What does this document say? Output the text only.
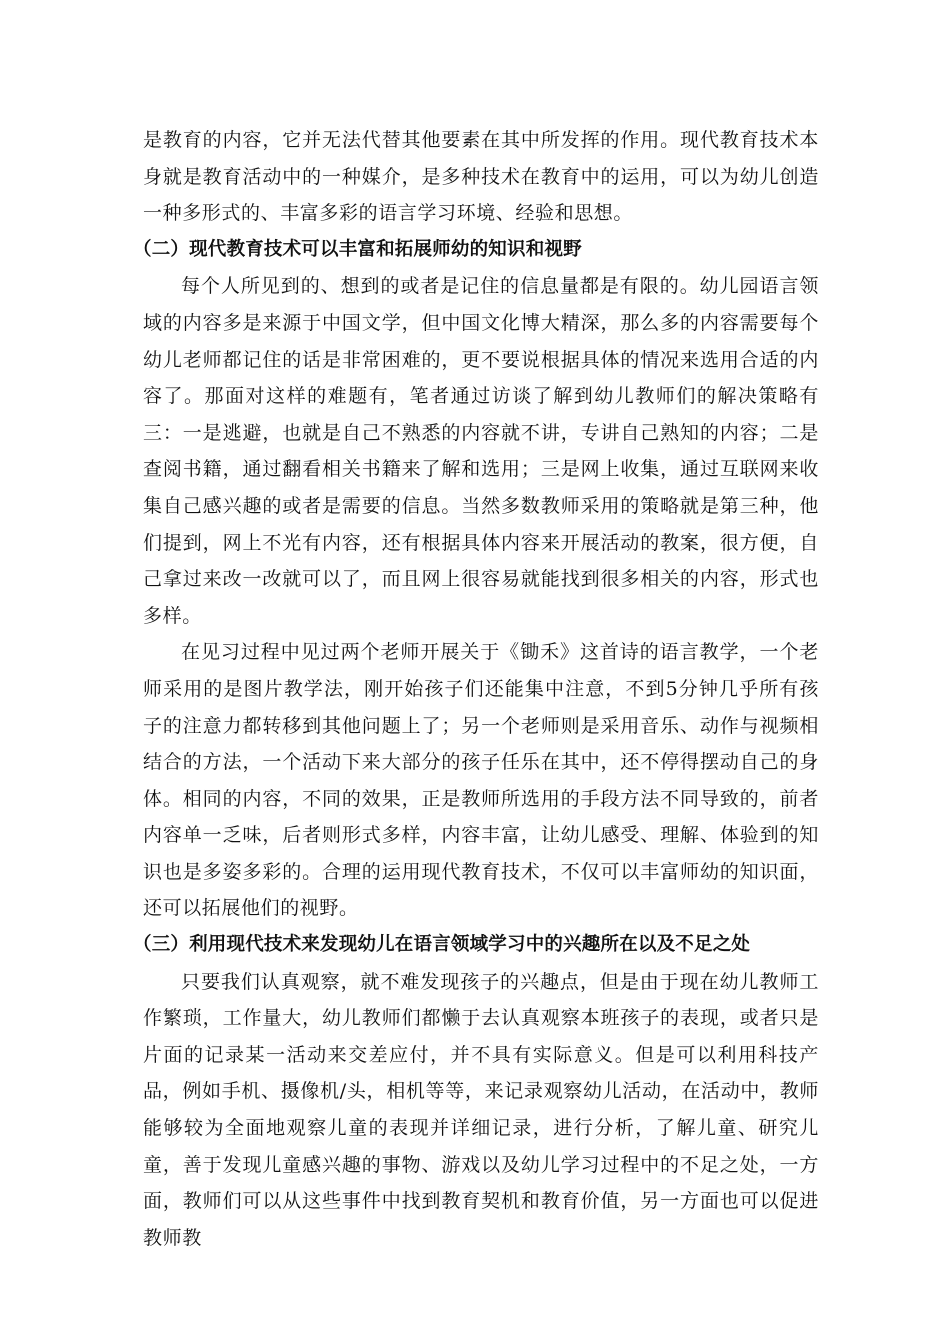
是教育的内容，它并无法代替其他要素在其中所发挥的作用。现代教育技术本身就是教育活动中的一种媒介，是多种技术在教育中的运用，可以为幼儿创造一种多形式的、丰富多彩的语言学习环境、经验和思想。

（二）现代教育技术可以丰富和拓展师幼的知识和视野

每个人所见到的、想到的或者是记住的信息量都是有限的。幼儿园语言领域的内容多是来源于中国文学，但中国文化博大精深，那么多的内容需要每个幼儿老师都记住的话是非常困难的，更不要说根据具体的情况来选用合适的内容了。那面对这样的难题有，笔者通过访谈了解到幼儿教师们的解决策略有三：一是逃避，也就是自己不熟悉的内容就不讲，专讲自己熟知的内容；二是查阅书籍，通过翻看相关书籍来了解和选用；三是网上收集，通过互联网来收集自己感兴趣的或者是需要的信息。当然多数教师采用的策略就是第三种，他们提到，网上不光有内容，还有根据具体内容来开展活动的教案，很方便，自己拿过来改一改就可以了，而且网上很容易就能找到很多相关的内容，形式也多样。

在见习过程中见过两个老师开展关于《锄禾》这首诗的语言教学，一个老师采用的是图片教学法，刚开始孩子们还能集中注意，不到5分钟几乎所有孩子的注意力都转移到其他问题上了；另一个老师则是采用音乐、动作与视频相结合的方法，一个活动下来大部分的孩子任乐在其中，还不停得摆动自己的身体。相同的内容，不同的效果，正是教师所选用的手段方法不同导致的，前者内容单一乏味，后者则形式多样，内容丰富，让幼儿感受、理解、体验到的知识也是多姿多彩的。合理的运用现代教育技术，不仅可以丰富师幼的知识面，还可以拓展他们的视野。

（三）利用现代技术来发现幼儿在语言领域学习中的兴趣所在以及不足之处

只要我们认真观察，就不难发现孩子的兴趣点，但是由于现在幼儿教师工作繁琐，工作量大，幼儿教师们都懒于去认真观察本班孩子的表现，或者只是片面的记录某一活动来交差应付，并不具有实际意义。但是可以利用科技产品，例如手机、摄像机/头，相机等等，来记录观察幼儿活动，在活动中，教师能够较为全面地观察儿童的表现并详细记录，进行分析，了解儿童、研究儿童，善于发现儿童感兴趣的事物、游戏以及幼儿学习过程中的不足之处，一方面，教师们可以从这些事件中找到教育契机和教育价值，另一方面也可以促进教师教
